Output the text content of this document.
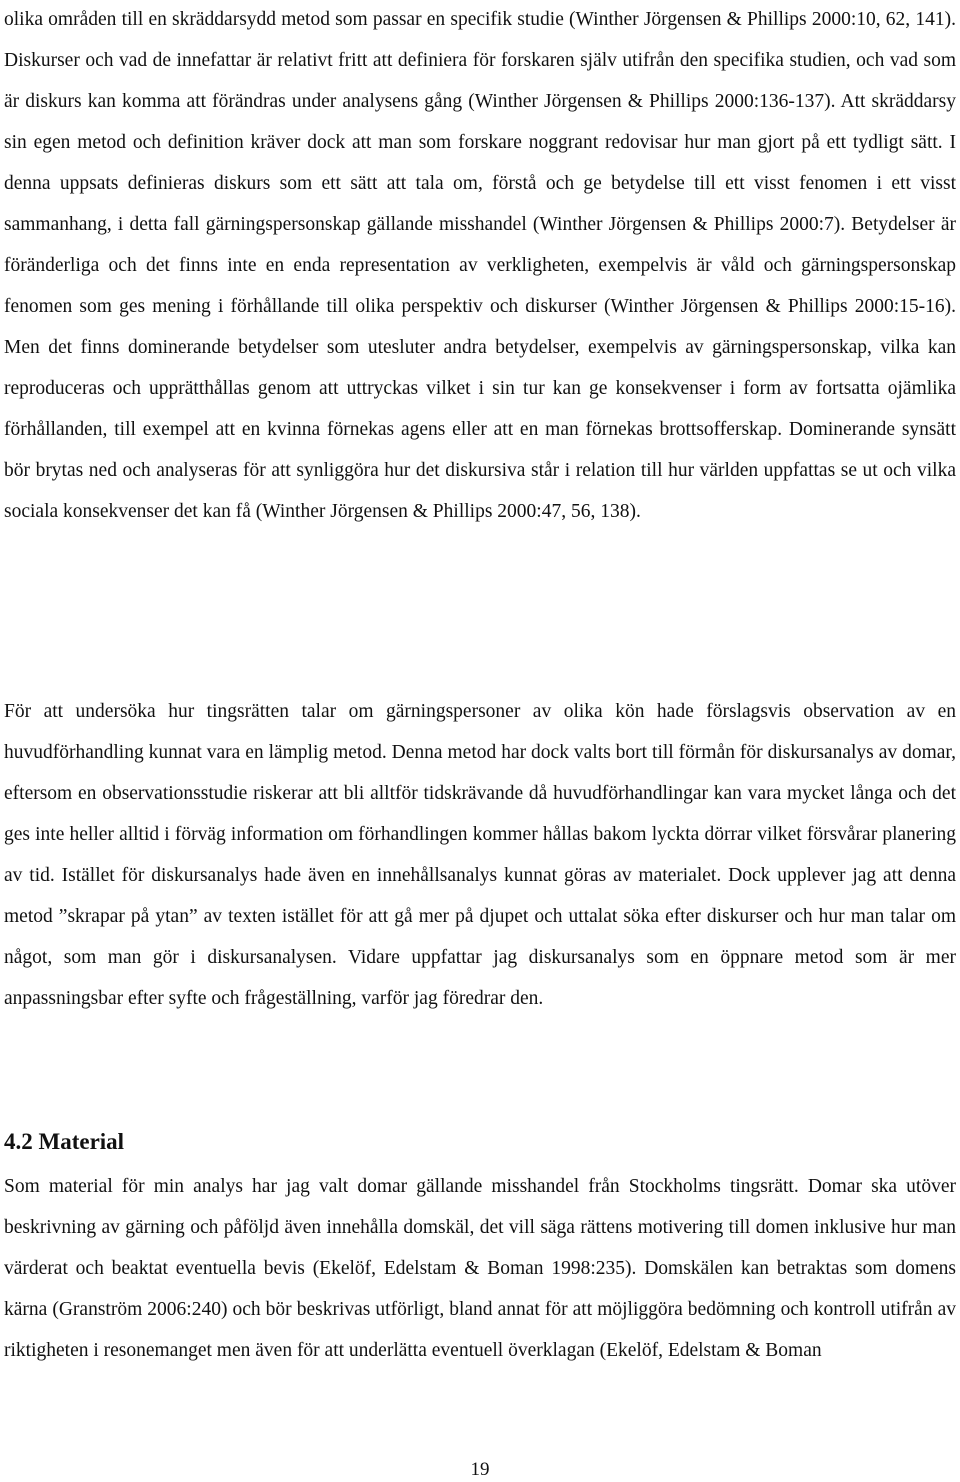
olika områden till en skräddarsydd metod som passar en specifik studie (Winther Jörgensen & Phillips 2000:10, 62, 141). Diskurser och vad de innefattar är relativt fritt att definiera för forskaren själv utifrån den specifika studien, och vad som är diskurs kan komma att förändras under analysens gång (Winther Jörgensen & Phillips 2000:136-137). Att skräddarsy sin egen metod och definition kräver dock att man som forskare noggrant redovisar hur man gjort på ett tydligt sätt. I denna uppsats definieras diskurs som ett sätt att tala om, förstå och ge betydelse till ett visst fenomen i ett visst sammanhang, i detta fall gärningspersonskap gällande misshandel (Winther Jörgensen & Phillips 2000:7). Betydelser är föränderliga och det finns inte en enda representation av verkligheten, exempelvis är våld och gärningspersonskap fenomen som ges mening i förhållande till olika perspektiv och diskurser (Winther Jörgensen & Phillips 2000:15-16). Men det finns dominerande betydelser som utesluter andra betydelser, exempelvis av gärningspersonskap, vilka kan reproduceras och upprätthållas genom att uttryckas vilket i sin tur kan ge konsekvenser i form av fortsatta ojämlika förhållanden, till exempel att en kvinna förnekas agens eller att en man förnekas brottsofferskap. Dominerande synsätt bör brytas ned och analyseras för att synliggöra hur det diskursiva står i relation till hur världen uppfattas se ut och vilka sociala konsekvenser det kan få (Winther Jörgensen & Phillips 2000:47, 56, 138).

För att undersöka hur tingsrätten talar om gärningspersoner av olika kön hade förslagsvis observation av en huvudförhandling kunnat vara en lämplig metod. Denna metod har dock valts bort till förmån för diskursanalys av domar, eftersom en observationsstudie riskerar att bli alltför tidskrävande då huvudförhandlingar kan vara mycket långa och det ges inte heller alltid i förväg information om förhandlingen kommer hållas bakom lyckta dörrar vilket försvårar planering av tid. Istället för diskursanalys hade även en innehållsanalys kunnat göras av materialet. Dock upplever jag att denna metod ”skrapar på ytan” av texten istället för att gå mer på djupet och uttalat söka efter diskurser och hur man talar om något, som man gör i diskursanalysen. Vidare uppfattar jag diskursanalys som en öppnare metod som är mer anpassningsbar efter syfte och frågeställning, varför jag föredrar den.

4.2 Material

Som material för min analys har jag valt domar gällande misshandel från Stockholms tingsrätt. Domar ska utöver beskrivning av gärning och påföljd även innehålla domskäl, det vill säga rättens motivering till domen inklusive hur man värderat och beaktat eventuella bevis (Ekelöf, Edelstam & Boman 1998:235). Domskälen kan betraktas som domens kärna (Granström 2006:240) och bör beskrivas utförligt, bland annat för att möjliggöra bedömning och kontroll utifrån av riktigheten i resonemanget men även för att underlätta eventuell överklagan (Ekelöf, Edelstam & Boman

19
